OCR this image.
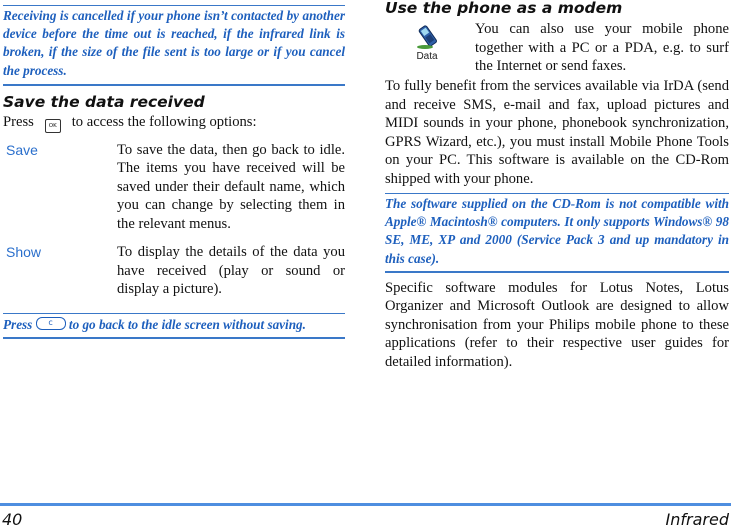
Receiving is cancelled if your phone isn’t contacted by another device before the time out is reached, if the infrared link is broken, if the size of the file sent is too large or if you cancel the process.
Save the data received
Press	OK to access the following options:
Save	To save the data, then go back to idle. The items you have received will be saved under their default name, which you can change by selecting them in the relevant menus.
Show	To display the details of the data you have received (play or sound or display a picture).
Press	c	to go back to the idle screen without saving.
Use the phone as a modem
Data
You can also use your mobile phone together with a PC or a PDA, e.g. to surf the Internet or send faxes.
To fully benefit from the services available via IrDA (send and receive SMS, e-mail and fax, upload pictures and MIDI sounds in your phone, phonebook synchronization, GPRS Wizard, etc.), you must install Mobile Phone Tools on your PC. This software is available on the CD-Rom shipped with your phone.
The software supplied on the CD-Rom is not compatible with Apple® Macintosh® computers. It only supports Windows® 98 SE, ME, XP and 2000 (Service Pack 3 and up mandatory in this case).
Specific software modules for Lotus Notes, Lotus Organizer and Microsoft Outlook are designed to allow synchronisation from your Philips mobile phone to these applications (refer to their respective user guides for detailed information).
40	Infrared
